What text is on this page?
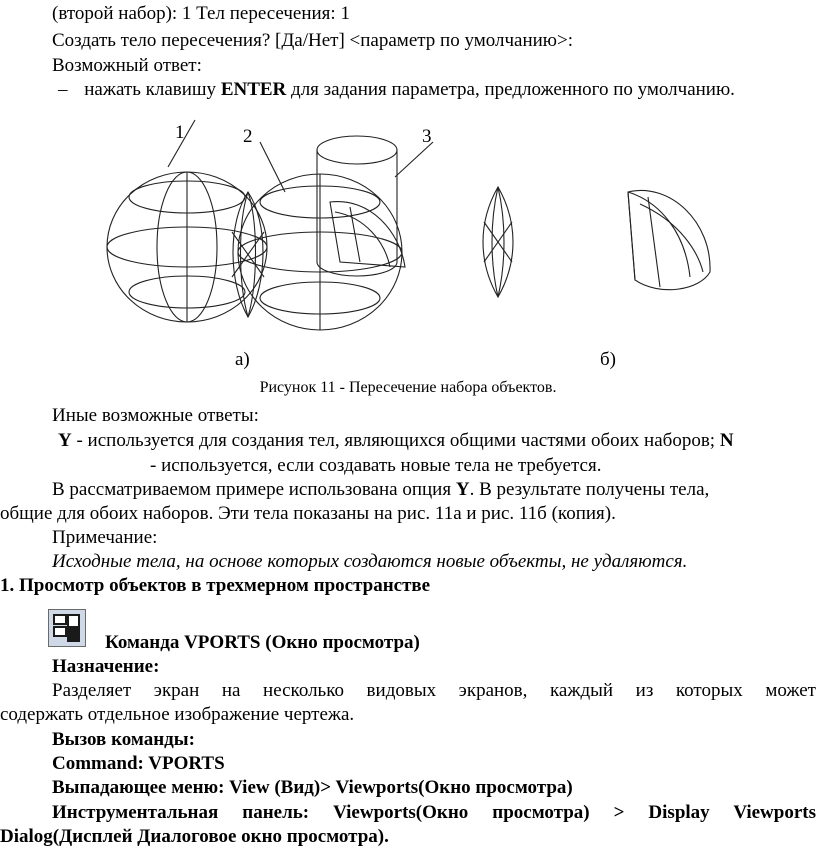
(второй набор): 1 Тел пересечения: 1
Создать тело пересечения? [Да/Нет] <параметр по умолчанию>:
Возможный ответ:
– нажать клавишу ENTER для задания параметра, предложенного по умолчанию.
1	2	3
а)	б)
Рисунок 11 - Пересечение набора объектов.
Иные возможные ответы:
Y - используется для создания тел, являющихся общими частями обоих наборов; N
- используется, если создавать новые тела не требуется.
В рассматриваемом примере использована опция Y. В результате получены тела,
общие для обоих наборов. Эти тела показаны на рис. 11а и рис. 11б (копия).
Примечание:
Исходные тела, на основе которых создаются новые объекты, не удаляются.
1. Просмотр объектов в трехмерном пространстве
Команда VPORTS (Окно просмотра)
Назначение:
Разделяет экран на несколько видовых экранов, каждый из которых может
содержать отдельное изображение чертежа.
Вызов команды:
Command: VPORTS
Выпадающее меню: View (Вид)> Viewports(Окно просмотра)
Инструментальная панель: Viewports(Окно просмотра) > Display Viewports
Dialog(Дисплей Диалоговое окно просмотра).
